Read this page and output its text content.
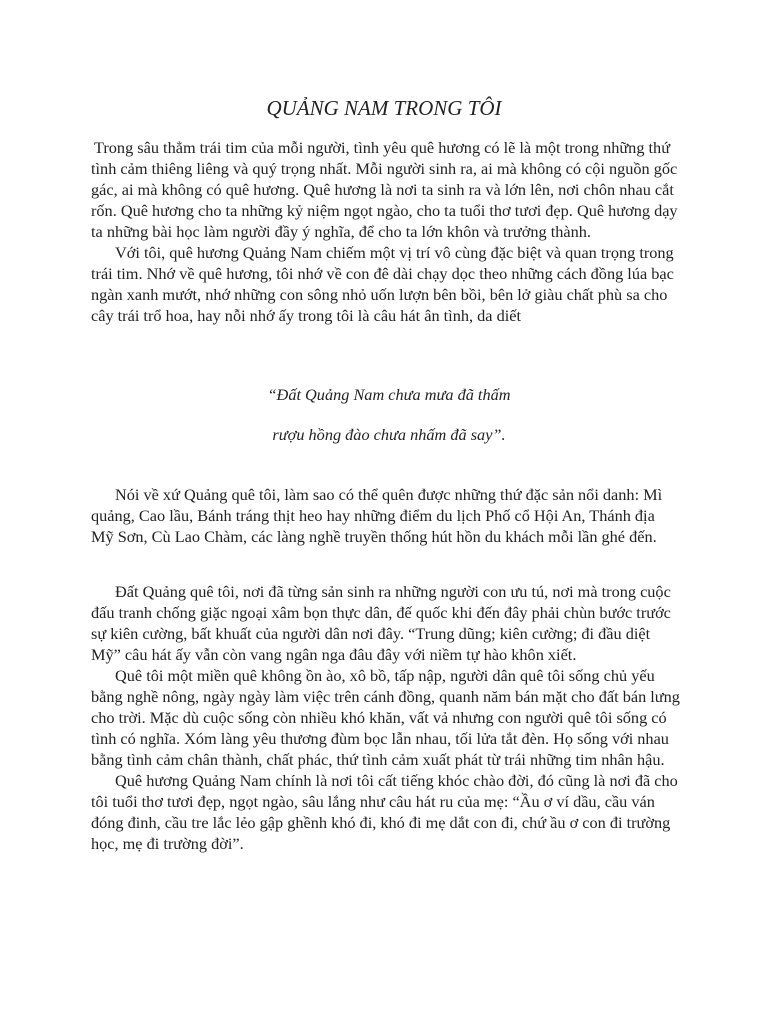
QUẢNG NAM TRONG TÔI

Trong sâu thẳm trái tim của mỗi người, tình yêu quê hương có lẽ là một trong những thứ tình cảm thiêng liêng và quý trọng nhất. Mỗi người sinh ra, ai mà không có cội nguồn gốc gác, ai mà không có quê hương. Quê hương là nơi ta sinh ra và lớn lên, nơi chôn nhau cắt rốn. Quê hương cho ta những kỷ niệm ngọt ngào, cho ta tuổi thơ tươi đẹp. Quê hương dạy ta những bài học làm người đầy ý nghĩa, để cho ta lớn khôn và trưởng thành.

Với tôi, quê hương Quảng Nam chiếm một vị trí vô cùng đặc biệt và quan trọng trong trái tim. Nhớ về quê hương, tôi nhớ về con đê dài chạy dọc theo những cách đồng lúa bạc ngàn xanh mướt, nhớ những con sông nhỏ uốn lượn bên bồi, bên lở giàu chất phù sa cho cây trái trổ hoa, hay nỗi nhớ ấy trong tôi là câu hát ân tình, da diết

“Đất Quảng Nam chưa mưa đã thấm

rượu hồng đào chưa nhấm đã say”.

Nói về xứ Quảng quê tôi, làm sao có thể quên được những thứ đặc sản nổi danh: Mì quảng, Cao lầu, Bánh tráng thịt heo hay những điểm du lịch Phố cổ Hội An, Thánh địa Mỹ Sơn, Cù Lao Chàm, các làng nghề truyền thống hút hồn du khách mỗi lần ghé đến.

Đất Quảng quê tôi, nơi đã từng sản sinh ra những người con ưu tú, nơi mà trong cuộc đấu tranh chống giặc ngoại xâm bọn thực dân, đế quốc khi đến đây phải chùn bước trước sự kiên cường, bất khuất của người dân nơi đây. “Trung dũng; kiên cường; đi đầu diệt Mỹ” câu hát ấy vẫn còn vang ngân nga đâu đây với niềm tự hào khôn xiết.

Quê tôi một miền quê không ồn ào, xô bồ, tấp nập, người dân quê tôi sống chủ yếu bằng nghề nông, ngày ngày làm việc trên cánh đồng, quanh năm bán mặt cho đất bán lưng cho trời. Mặc dù cuộc sống còn nhiều khó khăn, vất vả nhưng con người quê tôi sống có tình có nghĩa. Xóm làng yêu thương đùm bọc lẫn nhau, tối lửa tắt đèn. Họ sống với nhau bằng tình cảm chân thành, chất phác, thứ tình cảm xuất phát từ trái những tim nhân hậu.

Quê hương Quảng Nam chính là nơi tôi cất tiếng khóc chào đời, đó cũng là nơi đã cho tôi tuổi thơ tươi đẹp, ngọt ngào, sâu lắng như câu hát ru của mẹ: “Ầu ơ ví dầu, cầu ván đóng đinh, cầu tre lắc lẻo gập ghềnh khó đi, khó đi mẹ dắt con đi, chứ ầu ơ con đi trường học, mẹ đi trường đời”.
